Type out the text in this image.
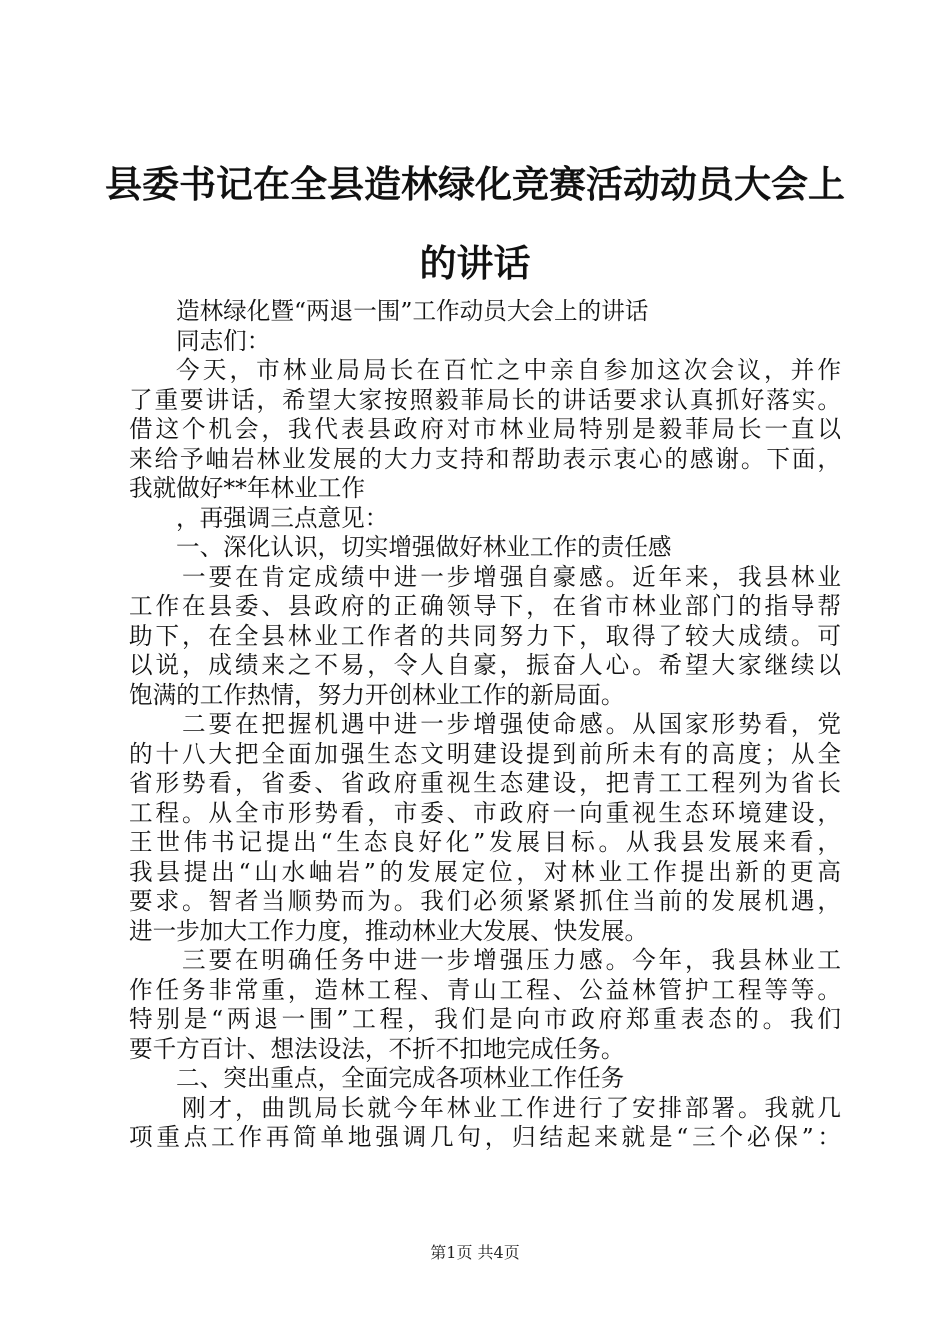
县委书记在全县造林绿化竞赛活动动员大会上
的讲话
造林绿化暨“两退一围”工作动员大会上的讲话
同志们：
今天，市林业局局长在百忙之中亲自参加这次会议，并作
了重要讲话，希望大家按照毅菲局长的讲话要求认真抓好落实。
借这个机会，我代表县政府对市林业局特别是毅菲局长一直以
来给予岫岩林业发展的大力支持和帮助表示衷心的感谢。下面，
我就做好**年林业工作
，再强调三点意见：
一、深化认识，切实增强做好林业工作的责任感
一要在肯定成绩中进一步增强自豪感。近年来，我县林业
工作在县委、县政府的正确领导下，在省市林业部门的指导帮
助下，在全县林业工作者的共同努力下，取得了较大成绩。可
以说，成绩来之不易，令人自豪，振奋人心。希望大家继续以
饱满的工作热情，努力开创林业工作的新局面。
二要在把握机遇中进一步增强使命感。从国家形势看，党
的十八大把全面加强生态文明建设提到前所未有的高度；从全
省形势看，省委、省政府重视生态建设，把青工工程列为省长
工程。从全市形势看，市委、市政府一向重视生态环境建设，
王世伟书记提出“生态良好化”发展目标。从我县发展来看，
我县提出“山水岫岩”的发展定位，对林业工作提出新的更高
要求。智者当顺势而为。我们必须紧紧抓住当前的发展机遇，
进一步加大工作力度，推动林业大发展、快发展。
三要在明确任务中进一步增强压力感。今年，我县林业工
作任务非常重，造林工程、青山工程、公益林管护工程等等。
特别是“两退一围”工程，我们是向市政府郑重表态的。我们
要千方百计、想法设法，不折不扣地完成任务。
二、突出重点，全面完成各项林业工作任务
刚才，曲凯局长就今年林业工作进行了安排部署。我就几
项重点工作再简单地强调几句，归结起来就是“三个必保”：
第1页 共4页
